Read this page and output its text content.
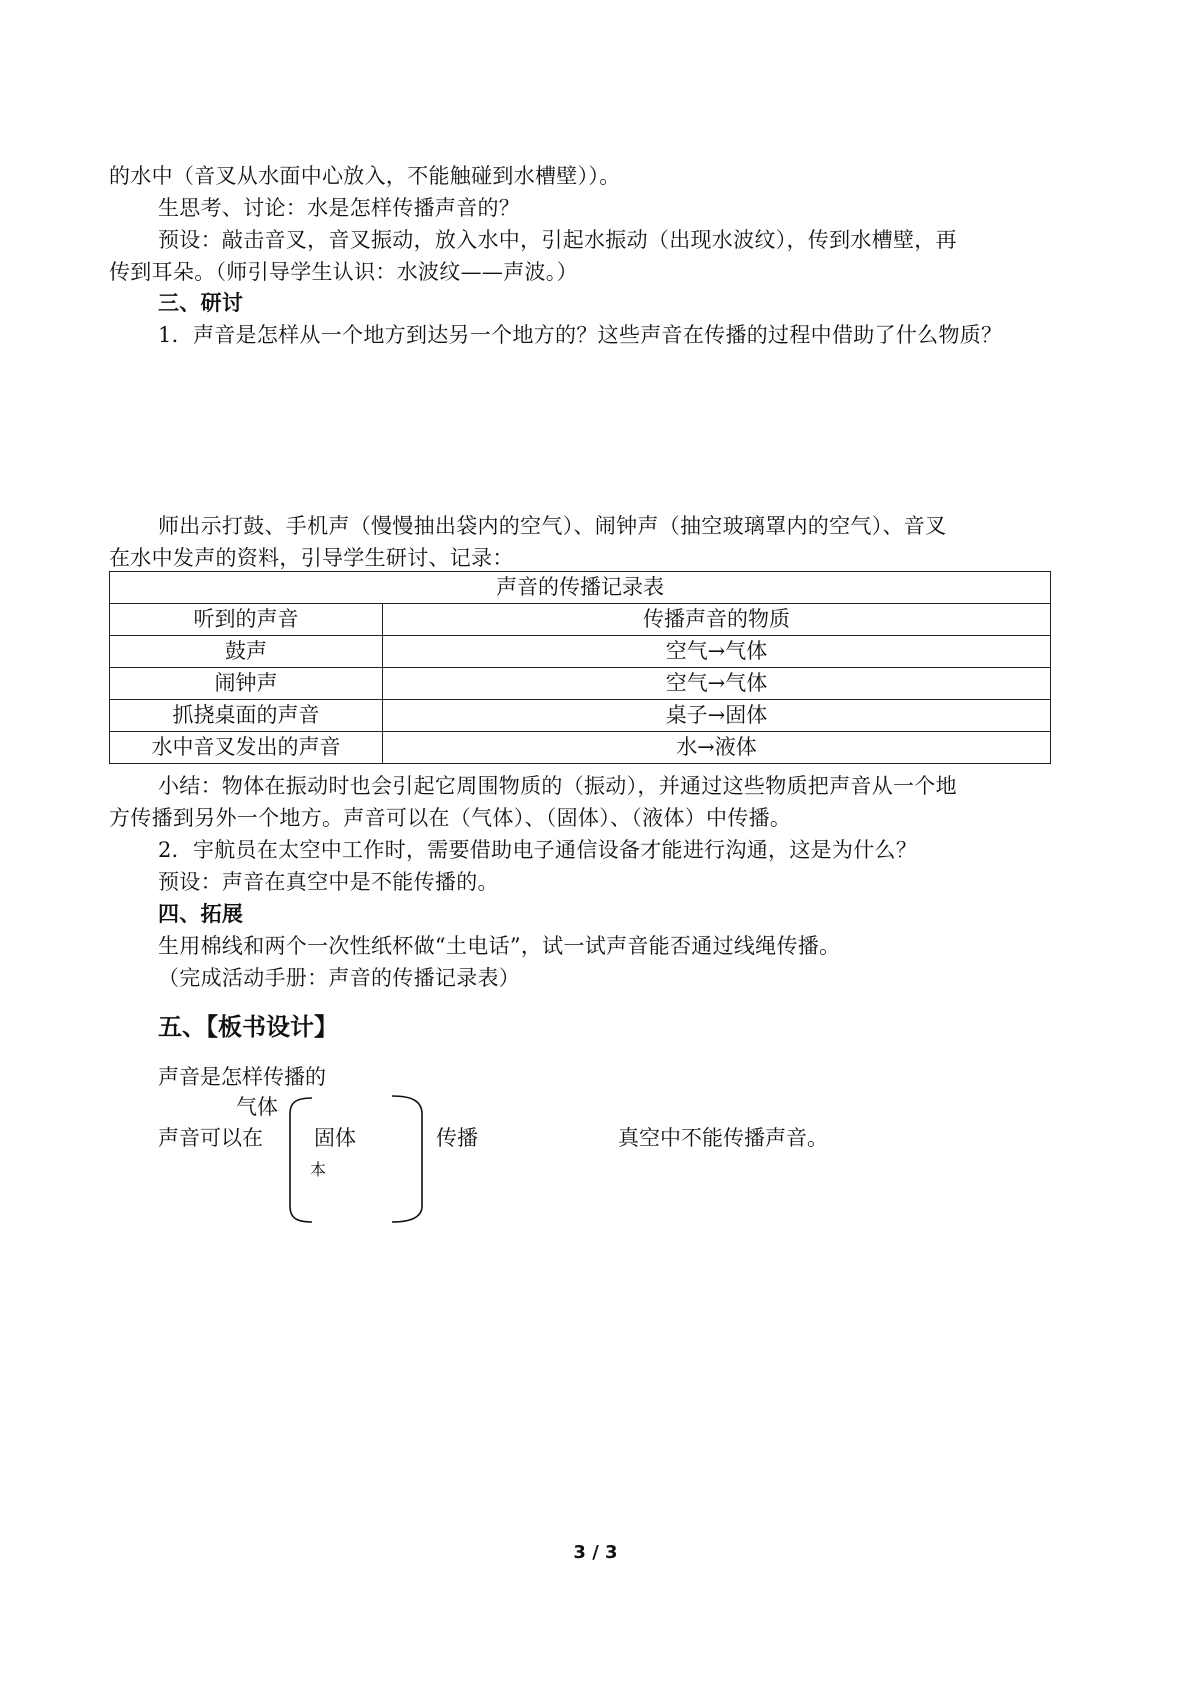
的水中（音叉从水面中心放入，不能触碰到水槽壁））。
生思考、讨论：水是怎样传播声音的？
预设：敲击音叉，音叉振动，放入水中，引起水振动（出现水波纹），传到水槽壁，再
传到耳朵。（师引导学生认识：水波纹——声波。）
三、研讨
1．声音是怎样从一个地方到达另一个地方的？这些声音在传播的过程中借助了什么物质？
师出示打鼓、手机声（慢慢抽出袋内的空气）、闹钟声（抽空玻璃罩内的空气）、音叉
在水中发声的资料，引导学生研讨、记录：
声音的传播记录表	
听到的声音	传播声音的物质
鼓声	空气→气体
闹钟声	空气→气体
抓挠桌面的声音	桌子→固体
水中音叉发出的声音	水→液体
小结：物体在振动时也会引起它周围物质的（振动），并通过这些物质把声音从一个地
方传播到另外一个地方。声音可以在（气体）、（固体）、（液体）中传播。
2．宇航员在太空中工作时，需要借助电子通信设备才能进行沟通，这是为什么？
预设：声音在真空中是不能传播的。
四、拓展
生用棉线和两个一次性纸杯做“土电话”，试一试声音能否通过线绳传播。
（完成活动手册：声音的传播记录表）
五、【板书设计】
声音是怎样传播的
气体
声音可以在 固体
本
传播	真空中不能传播声音。
3 / 3
